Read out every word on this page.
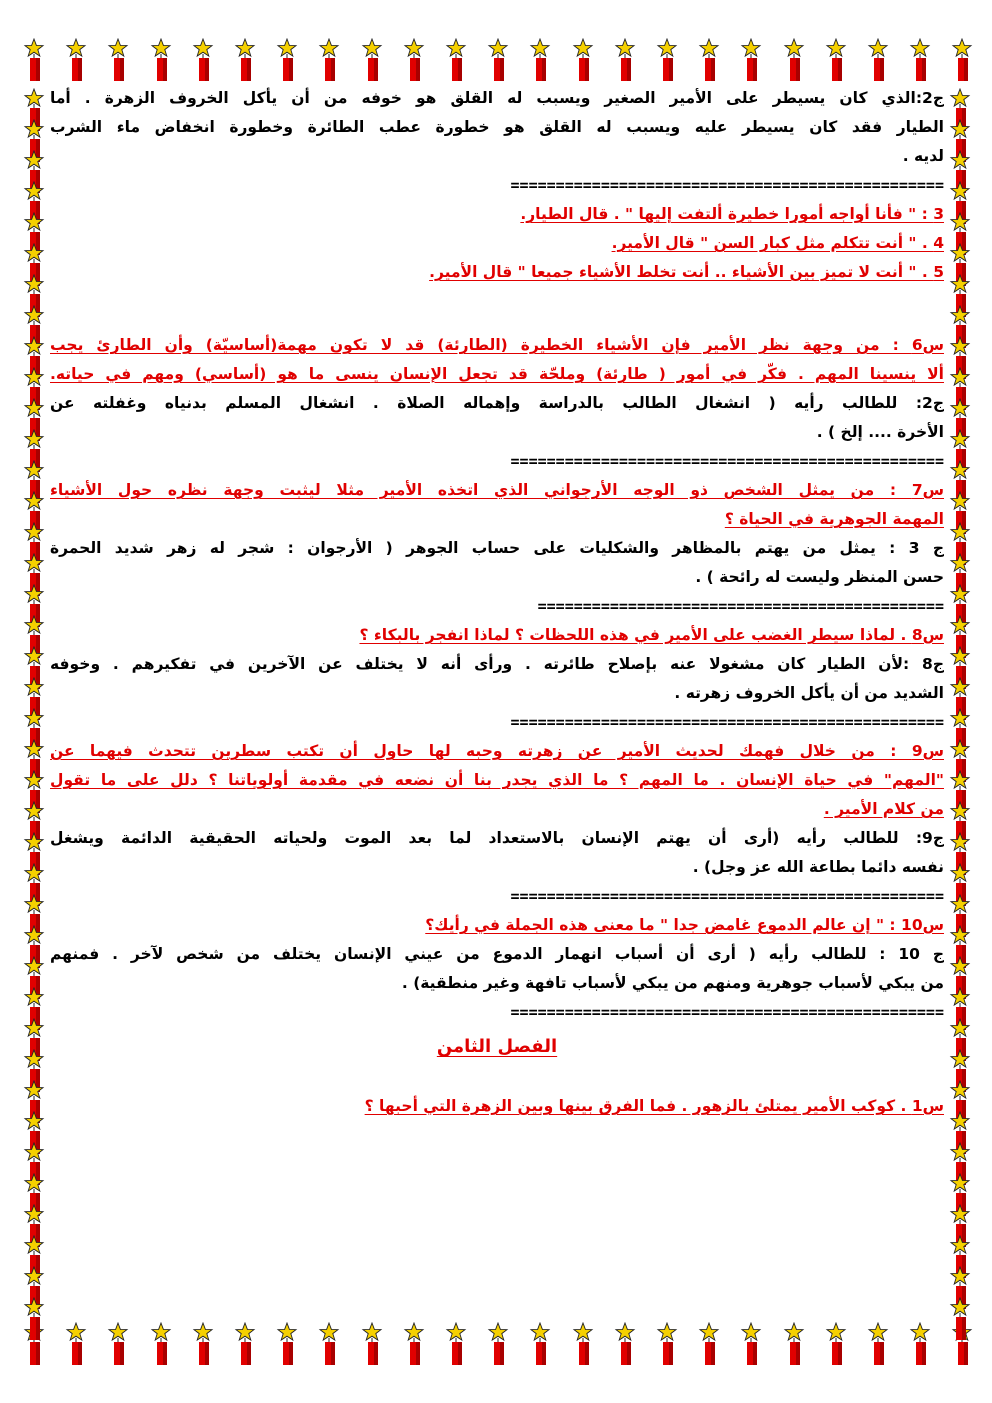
ج2:الذي كان يسيطر على الأمير الصغير ويسبب له القلق هو خوفه من أن يأكل الخروف الزهرة . أما
الطيار فقد كان يسيطر عليه ويسبب له القلق هو خطورة عطب الطائرة وخطورة انخفاض ماء الشرب
لديه .
================================================
3 : " فأنا أواجه أمورا خطيرة ألتفت إليها " . قال الطيار.
4 . " أنت تتكلم مثل كبار السن " قال الأمير.
5 . " أنت لا تميز بين الأشياء .. أنت تخلط الأشياء جميعا " قال الأمير.
س6 : من وجهة نظر الأمير فإن الأشياء الخطيرة (الطارئة) قد لا تكون مهمة(أساسيّة) وأن الطارئ يجب
ألا ينسينا المهم . فكّر في أمور ( طارئة) وملحّة قد تجعل الإنسان ينسى ما هو (أساسي) ومهم في حياته.
ج2: للطالب رأيه ( انشغال الطالب بالدراسة وإهماله الصلاة . انشغال المسلم بدنياه وغفلته عن
الأخرة .... إلخ ) .
================================================
س7 : من يمثل الشخص ذو الوجه الأرجواني الذي اتخذه الأمير مثلا ليثبت وجهة نظره حول الأشياء
المهمة الجوهرية في الحياة ؟
ج 3 : يمثل من يهتم بالمظاهر والشكليات على حساب الجوهر ( الأرجوان : شجر له زهر شديد الحمرة
حسن المنظر وليست له رائحة ) .
=============================================
س8 . لماذا سيطر الغضب على الأمير في هذه اللحظات ؟ لماذا انفجر بالبكاء ؟
ج8 :لأن الطيار كان مشغولا عنه بإصلاح طائرته . ورأى أنه لا يختلف عن الآخرين في تفكيرهم . وخوفه
الشديد من أن يأكل الخروف زهرته .
================================================
س9 : من خلال فهمك لحديث الأمير عن زهرته وحبه لها حاول أن تكتب سطرين تتحدث فيهما عن
"المهم" في حياة الإنسان . ما المهم ؟ ما الذي يجدر بنا أن نضعه في مقدمة أولوياتنا ؟ دلل على ما تقول
من كلام الأمير .
ج9: للطالب رأيه (أرى أن يهتم الإنسان بالاستعداد لما بعد الموت ولحياته الحقيقية الدائمة ويشغل
نفسه دائما بطاعة الله عز وجل) .
================================================
س10 : " إن عالم الدموع غامض جدا " ما معنى هذه الجملة في رأيك؟
ج 10 : للطالب رأيه ( أرى أن أسباب انهمار الدموع من عيني الإنسان يختلف من شخص لآخر . فمنهم
من يبكي لأسباب جوهرية ومنهم من يبكي لأسباب تافهة وغير منطقية) .
================================================
الفصل الثامن
س1 . كوكب الأمير يمتلئ بالزهور . فما الفرق بينها وبين الزهرة التي أحبها ؟
